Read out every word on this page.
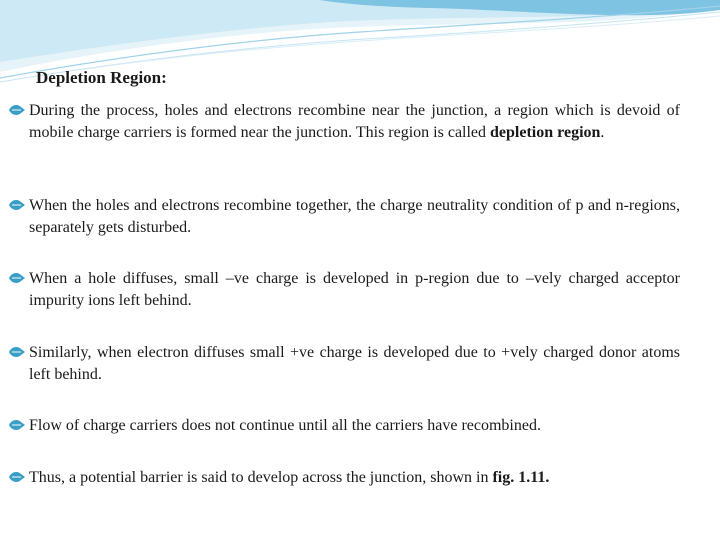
Depletion Region:
During the process, holes and electrons recombine near the junction, a region which is devoid of mobile charge carriers is formed near the junction. This region is called depletion region.
When the holes and electrons recombine together, the charge neutrality condition of p and n-regions, separately gets disturbed.
When a hole diffuses, small –ve charge is developed in p-region due to –vely charged acceptor impurity ions left behind.
Similarly, when electron diffuses small +ve charge is developed due to +vely charged donor atoms left behind.
Flow of charge carriers does not continue until all the carriers have recombined.
Thus, a potential barrier is said to develop across the junction, shown in fig. 1.11.
